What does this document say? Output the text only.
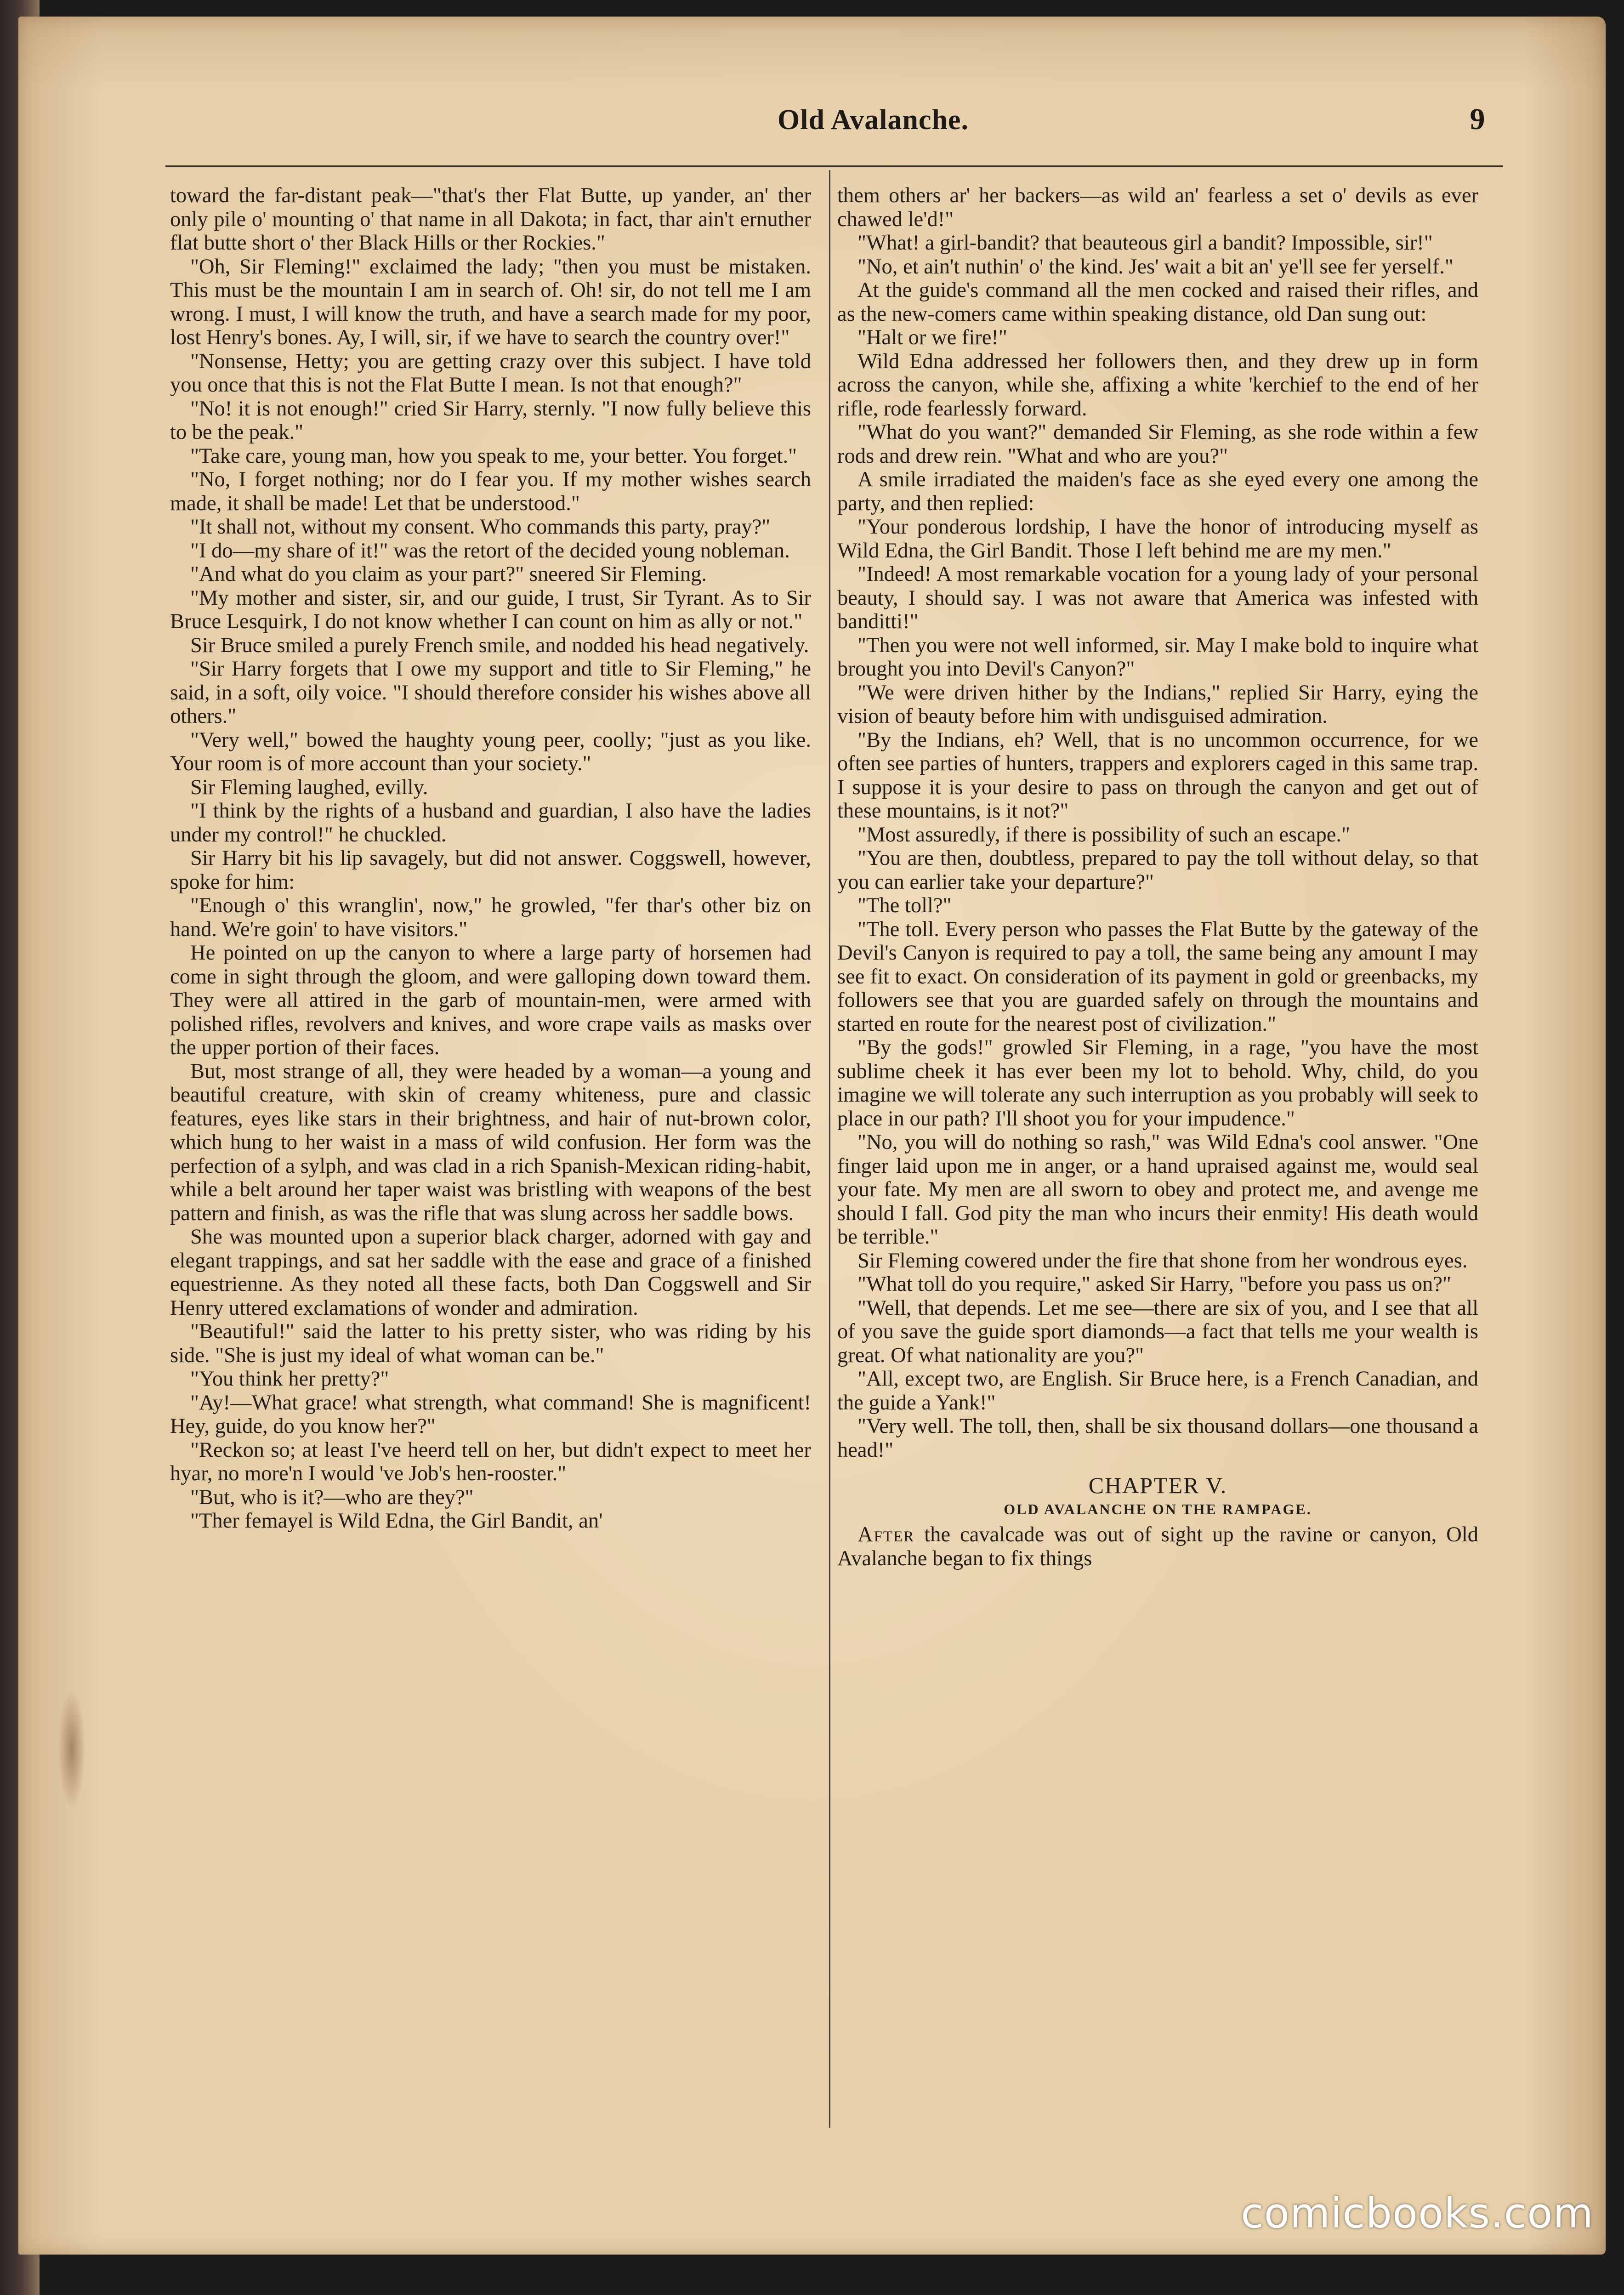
Old Avalanche.	9

toward the far-distant peak—"that's ther Flat Butte, up yander, an' ther only pile o' mounting o' that name in all Dakota; in fact, thar ain't ernuther flat butte short o' ther Black Hills or ther Rockies."

"Oh, Sir Fleming!" exclaimed the lady; "then you must be mistaken. This must be the mountain I am in search of. Oh! sir, do not tell me I am wrong. I must, I will know the truth, and have a search made for my poor, lost Henry's bones. Ay, I will, sir, if we have to search the country over!"

"Nonsense, Hetty; you are getting crazy over this subject. I have told you once that this is not the Flat Butte I mean. Is not that enough?"

"No! it is not enough!" cried Sir Harry, sternly. "I now fully believe this to be the peak."

"Take care, young man, how you speak to me, your better. You forget."

"No, I forget nothing; nor do I fear you. If my mother wishes search made, it shall be made! Let that be understood."

"It shall not, without my consent. Who commands this party, pray?"

"I do—my share of it!" was the retort of the decided young nobleman.

"And what do you claim as your part?" sneered Sir Fleming.

"My mother and sister, sir, and our guide, I trust, Sir Tyrant. As to Sir Bruce Lesquirk, I do not know whether I can count on him as ally or not."

Sir Bruce smiled a purely French smile, and nodded his head negatively.

"Sir Harry forgets that I owe my support and title to Sir Fleming," he said, in a soft, oily voice. "I should therefore consider his wishes above all others."

"Very well," bowed the haughty young peer, coolly; "just as you like. Your room is of more account than your society."

Sir Fleming laughed, evilly.

"I think by the rights of a husband and guardian, I also have the ladies under my control!" he chuckled.

Sir Harry bit his lip savagely, but did not answer. Coggswell, however, spoke for him:

"Enough o' this wranglin', now," he growled, "fer thar's other biz on hand. We're goin' to have visitors."

He pointed on up the canyon to where a large party of horsemen had come in sight through the gloom, and were galloping down toward them. They were all attired in the garb of mountain-men, were armed with polished rifles, revolvers and knives, and wore crape vails as masks over the upper portion of their faces.

But, most strange of all, they were headed by a woman—a young and beautiful creature, with skin of creamy whiteness, pure and classic features, eyes like stars in their brightness, and hair of nut-brown color, which hung to her waist in a mass of wild confusion. Her form was the perfection of a sylph, and was clad in a rich Spanish-Mexican riding-habit, while a belt around her taper waist was bristling with weapons of the best pattern and finish, as was the rifle that was slung across her saddle bows.

She was mounted upon a superior black charger, adorned with gay and elegant trappings, and sat her saddle with the ease and grace of a finished equestrienne. As they noted all these facts, both Dan Coggswell and Sir Henry uttered exclamations of wonder and admiration.

"Beautiful!" said the latter to his pretty sister, who was riding by his side. "She is just my ideal of what woman can be."

"You think her pretty?"

"Ay!—What grace! what strength, what command! She is magnificent! Hey, guide, do you know her?"

"Reckon so; at least I've heerd tell on her, but didn't expect to meet her hyar, no more'n I would 've Job's hen-rooster."

"But, who is it?—who are they?"

"Ther femayel is Wild Edna, the Girl Bandit, an'

them others ar' her backers—as wild an' fearless a set o' devils as ever chawed le'd!"

"What! a girl-bandit? that beauteous girl a bandit? Impossible, sir!"

"No, et ain't nuthin' o' the kind. Jes' wait a bit an' ye'll see fer yerself."

At the guide's command all the men cocked and raised their rifles, and as the new-comers came within speaking distance, old Dan sung out:

"Halt or we fire!"

Wild Edna addressed her followers then, and they drew up in form across the canyon, while she, affixing a white 'kerchief to the end of her rifle, rode fearlessly forward.

"What do you want?" demanded Sir Fleming, as she rode within a few rods and drew rein. "What and who are you?"

A smile irradiated the maiden's face as she eyed every one among the party, and then replied:

"Your ponderous lordship, I have the honor of introducing myself as Wild Edna, the Girl Bandit. Those I left behind me are my men."

"Indeed! A most remarkable vocation for a young lady of your personal beauty, I should say. I was not aware that America was infested with banditti!"

"Then you were not well informed, sir. May I make bold to inquire what brought you into Devil's Canyon?"

"We were driven hither by the Indians," replied Sir Harry, eying the vision of beauty before him with undisguised admiration.

"By the Indians, eh? Well, that is no uncommon occurrence, for we often see parties of hunters, trappers and explorers caged in this same trap. I suppose it is your desire to pass on through the canyon and get out of these mountains, is it not?"

"Most assuredly, if there is possibility of such an escape."

"You are then, doubtless, prepared to pay the toll without delay, so that you can earlier take your departure?"

"The toll?"

"The toll. Every person who passes the Flat Butte by the gateway of the Devil's Canyon is required to pay a toll, the same being any amount I may see fit to exact. On consideration of its payment in gold or greenbacks, my followers see that you are guarded safely on through the mountains and started en route for the nearest post of civilization."

"By the gods!" growled Sir Fleming, in a rage, "you have the most sublime cheek it has ever been my lot to behold. Why, child, do you imagine we will tolerate any such interruption as you probably will seek to place in our path? I'll shoot you for your impudence."

"No, you will do nothing so rash," was Wild Edna's cool answer. "One finger laid upon me in anger, or a hand upraised against me, would seal your fate. My men are all sworn to obey and protect me, and avenge me should I fall. God pity the man who incurs their enmity! His death would be terrible."

Sir Fleming cowered under the fire that shone from her wondrous eyes.

"What toll do you require," asked Sir Harry, "before you pass us on?"

"Well, that depends. Let me see—there are six of you, and I see that all of you save the guide sport diamonds—a fact that tells me your wealth is great. Of what nationality are you?"

"All, except two, are English. Sir Bruce here, is a French Canadian, and the guide a Yank!"

"Very well. The toll, then, shall be six thousand dollars—one thousand a head!"

CHAPTER V.

OLD AVALANCHE ON THE RAMPAGE.

After the cavalcade was out of sight up the ravine or canyon, Old Avalanche began to fix things

comicbooks.com
